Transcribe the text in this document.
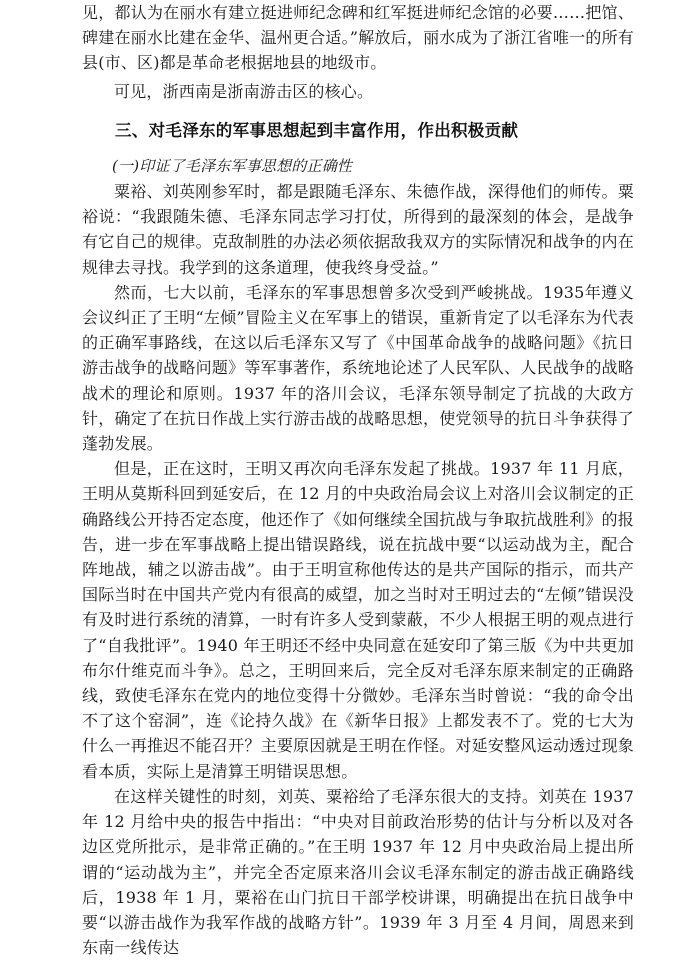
见，都认为在丽水有建立挺进师纪念碑和红军挺进师纪念馆的必要……把馆、碑建在丽水比建在金华、温州更合适。”解放后，丽水成为了浙江省唯一的所有县(市、区)都是革命老根据地县的地级市。

可见，浙西南是浙南游击区的核心。

三、对毛泽东的军事思想起到丰富作用，作出积极贡献

(一)印证了毛泽东军事思想的正确性

粟裕、刘英刚参军时，都是跟随毛泽东、朱德作战，深得他们的师传。粟裕说：“我跟随朱德、毛泽东同志学习打仗，所得到的最深刻的体会，是战争有它自己的规律。克敌制胜的办法必须依据敌我双方的实际情况和战争的内在规律去寻找。我学到的这条道理，使我终身受益。”

然而，七大以前，毛泽东的军事思想曾多次受到严峻挑战。1935年遵义会议纠正了王明“左倾”冒险主义在军事上的错误，重新肯定了以毛泽东为代表的正确军事路线，在这以后毛泽东又写了《中国革命战争的战略问题》《抗日游击战争的战略问题》等军事著作，系统地论述了人民军队、人民战争的战略战术的理论和原则。1937 年的洛川会议，毛泽东领导制定了抗战的大政方针，确定了在抗日作战上实行游击战的战略思想，使党领导的抗日斗争获得了蓬勃发展。

但是，正在这时，王明又再次向毛泽东发起了挑战。1937 年 11 月底，王明从莫斯科回到延安后，在 12 月的中央政治局会议上对洛川会议制定的正确路线公开持否定态度，他还作了《如何继续全国抗战与争取抗战胜利》的报告，进一步在军事战略上提出错误路线，说在抗战中要“以运动战为主，配合阵地战，辅之以游击战”。由于王明宣称他传达的是共产国际的指示，而共产国际当时在中国共产党内有很高的威望，加之当时对王明过去的“左倾”错误没有及时进行系统的清算，一时有许多人受到蒙蔽，不少人根据王明的观点进行了“自我批评”。1940 年王明还不经中央同意在延安印了第三版《为中共更加布尔什维克而斗争》。总之，王明回来后，完全反对毛泽东原来制定的正确路线，致使毛泽东在党内的地位变得十分微妙。毛泽东当时曾说：“我的命令出不了这个窑洞”，连《论持久战》在《新华日报》上都发表不了。党的七大为什么一再推迟不能召开？主要原因就是王明在作怪。对延安整风运动透过现象看本质，实际上是清算王明错误思想。

在这样关键性的时刻，刘英、粟裕给了毛泽东很大的支持。刘英在 1937 年 12 月给中央的报告中指出：“中央对目前政治形势的估计与分析以及对各边区党所批示，是非常正确的。”在王明 1937 年 12 月中央政治局上提出所谓的“运动战为主”，并完全否定原来洛川会议毛泽东制定的游击战正确路线后，1938 年 1 月，粟裕在山门抗日干部学校讲课，明确提出在抗日战争中要“以游击战作为我军作战的战略方针”。1939 年 3 月至 4 月间，周恩来到东南一线传达
